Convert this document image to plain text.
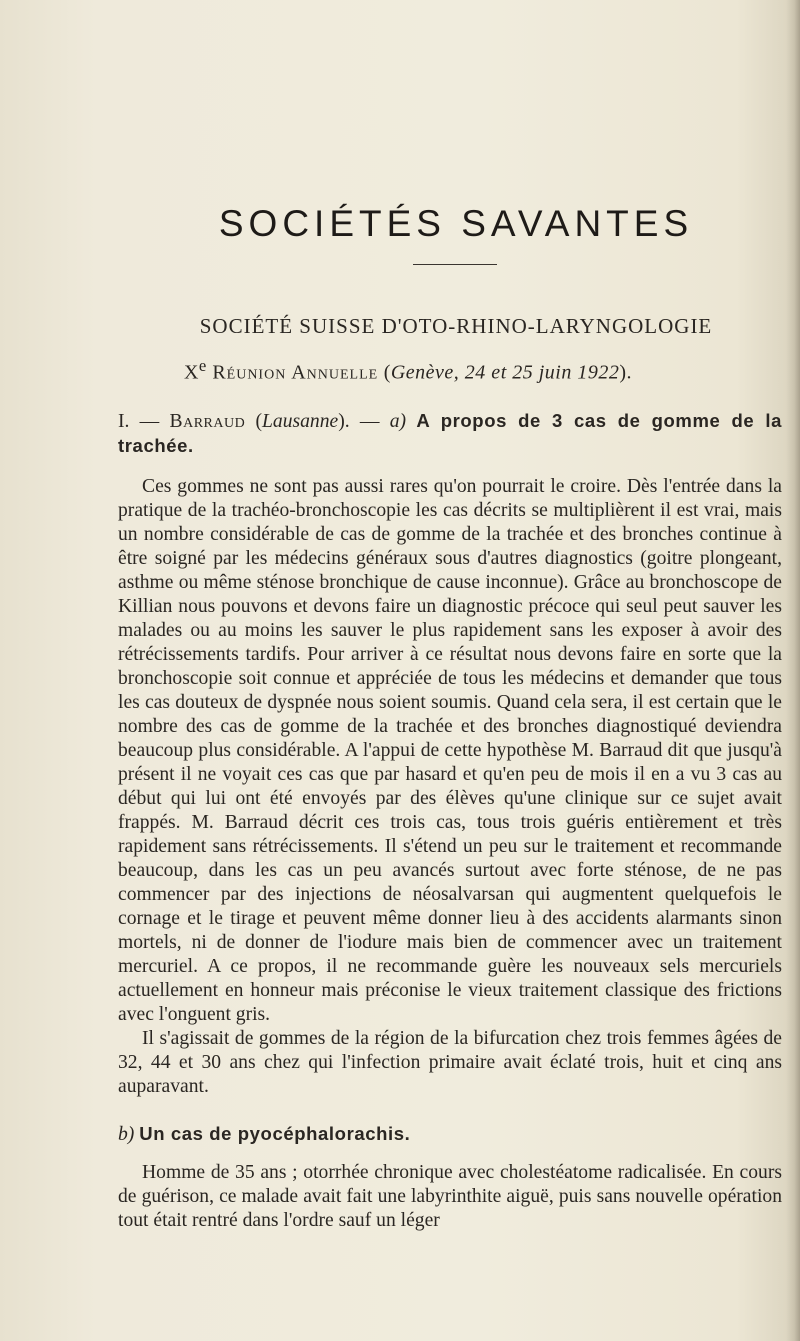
SOCIÉTÉS SAVANTES
SOCIÉTÉ SUISSE D'OTO-RHINO-LARYNGOLOGIE
Xe Réunion Annuelle (Genève, 24 et 25 juin 1922).

I. — Barraud (Lausanne). — a) A propos de 3 cas de gomme de la trachée.

Ces gommes ne sont pas aussi rares qu'on pourrait le croire. Dès l'entrée dans la pratique de la trachéo-bronchoscopie les cas décrits se multiplièrent il est vrai, mais un nombre considérable de cas de gomme de la trachée et des bronches continue à être soigné par les médecins généraux sous d'autres diagnostics (goitre plongeant, asthme ou même sténose bronchique de cause inconnue). Grâce au bronchoscope de Killian nous pouvons et devons faire un diagnostic précoce qui seul peut sauver les malades ou au moins les sauver le plus rapidement sans les exposer à avoir des rétrécissements tardifs. Pour arriver à ce résultat nous devons faire en sorte que la bronchoscopie soit connue et appréciée de tous les médecins et demander que tous les cas douteux de dyspnée nous soient soumis. Quand cela sera, il est certain que le nombre des cas de gomme de la trachée et des bronches diagnostiqué deviendra beaucoup plus considérable. A l'appui de cette hypothèse M. Barraud dit que jusqu'à présent il ne voyait ces cas que par hasard et qu'en peu de mois il en a vu 3 cas au début qui lui ont été envoyés par des élèves qu'une clinique sur ce sujet avait frappés. M. Barraud décrit ces trois cas, tous trois guéris entièrement et très rapidement sans rétrécissements. Il s'étend un peu sur le traitement et recommande beaucoup, dans les cas un peu avancés surtout avec forte sténose, de ne pas commencer par des injections de néosalvarsan qui augmentent quelquefois le cornage et le tirage et peuvent même donner lieu à des accidents alarmants sinon mortels, ni de donner de l'iodure mais bien de commencer avec un traitement mercuriel. A ce propos, il ne recommande guère les nouveaux sels mercuriels actuellement en honneur mais préconise le vieux traitement classique des frictions avec l'onguent gris.

Il s'agissait de gommes de la région de la bifurcation chez trois femmes âgées de 32, 44 et 30 ans chez qui l'infection primaire avait éclaté trois, huit et cinq ans auparavant.

b) Un cas de pyocéphalorachis.

Homme de 35 ans ; otorrhée chronique avec cholestéatome radicalisée. En cours de guérison, ce malade avait fait une labyrinthite aiguë, puis sans nouvelle opération tout était rentré dans l'ordre sauf un léger
